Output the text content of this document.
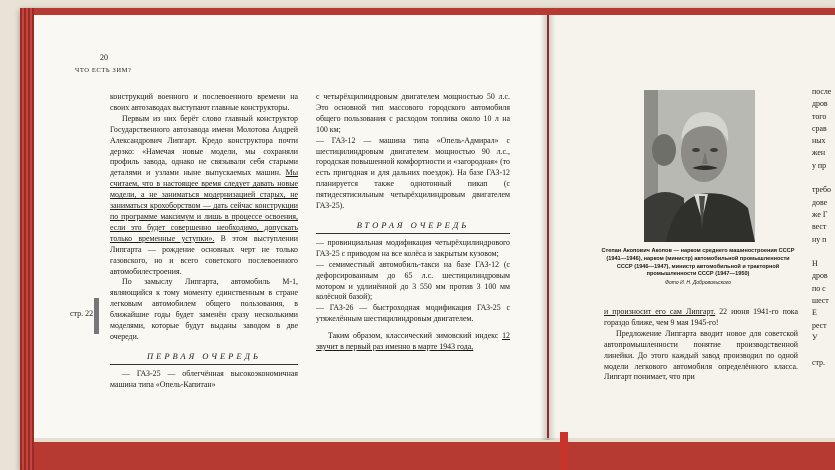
20
ЧТО ЕСТЬ ЗИМ?
стр. 22

конструкций военного и послевоенного времени на своих автозаводах выступают главные конструкторы.

Первым из них берёт слово главный конструктор Государственного автозавода имени Молотова Андрей Александрович Липгарт. Кредо конструктора почти дерзко: «Намечая новые модели, мы сохраняли профиль завода, однако не связывали себя старыми деталями и узлами ныне выпускаемых машин. Мы считаем, что в настоящее время следует давать новые модели, а не заниматься модернизацией старых, не заниматься крохоборством — дать сейчас конструкции по программе максимум и лишь в процессе освоения, если это будет совершенно необходимо, допускать только временные уступки». В этом выступлении Липгарта — рождение основных черт не только газовского, но и всего советского послевоенного автомобилестроения.

По замыслу Липгарта, автомобиль М-1, являющийся к тому моменту единственным в стране легковым автомобилем общего пользования, в ближайшие годы будет заменён сразу несколькими моделями, которые будут выданы заводом в две очереди.

ПЕРВАЯ ОЧЕРЕДЬ

— ГАЗ-25 — облегчённая высокоэкономичная машина типа «Опель-Капитан»

с четырёхцилиндровым двигателем мощностью 50 л.с. Это основной тип массового городского автомобиля общего пользования с расходом топлива около 10 л на 100 км;

— ГАЗ-12 — машина типа «Опель-Адмирал» с шестицилиндровым двигателем мощностью 90 л.с., городская повышенной комфортности и «загородная» (то есть пригодная и для дальних поездок). На базе ГАЗ-12 планируется также однотонный пикап (с пятидесятисильным четырёхцилиндровым двигателем ГАЗ-25).

ВТОРАЯ ОЧЕРЕДЬ

— провинциальная модификация четырёхцилиндрового ГАЗ-25 с приводом на все колёса и закрытым кузовом;

— семиместный автомобиль-такси на базе ГАЗ-12 (с дефорсированным до 65 л.с. шестицилиндровым мотором и удлинённой до 3 550 мм против 3 100 мм колёсной базой);

— ГАЗ-26 — быстроходная модификация ГАЗ-25 с утяжелённым шестицилиндровым двигателем.

Таким образом, классический зимовский индекс 12 звучит в первый раз именно в марте 1943 года,

Степан Акопович Акопов — нарком среднего машиностроения СССР (1941—1946), нарком (министр) автомобильной промышленности СССР (1946—1947), министр автомобильной и тракторной промышленности СССР (1947—1950)
Фото И. Н. Добровольского

и произносит его сам Липгарт. 22 июня 1941-го пока гораздо ближе, чем 9 мая 1945-го!

Предложение Липгарта вводит новое для советской автопромышленности понятие производственной линейки. До этого каждый завод производил по одной модели легкового автомобиля определённого класса. Липгарт понимает, что при

после
дров
того
срав
ных
жен
у пр

требо
дове
же Г
вест
ну п

Н
дров
по с
шест
Е
рест
У

стр.
